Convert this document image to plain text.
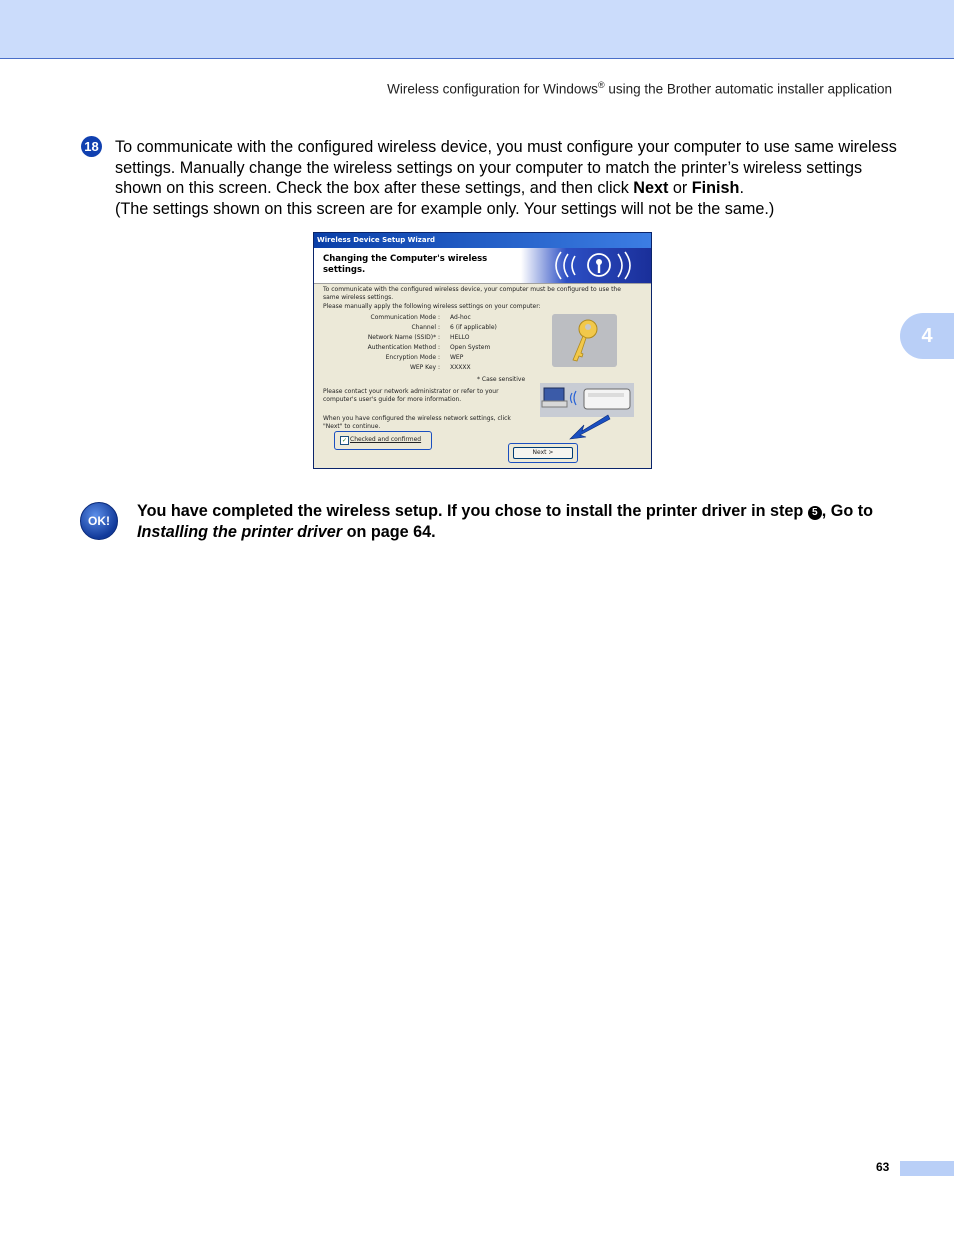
Wireless configuration for Windows® using the Brother automatic installer application
4
18 To communicate with the configured wireless device, you must configure your computer to use same wireless settings. Manually change the wireless settings on your computer to match the printer’s wireless settings shown on this screen. Check the box after these settings, and then click Next or Finish.

(The settings shown on this screen are for example only. Your settings will not be the same.)

Wireless Device Setup Wizard
Changing the Computer's wireless settings.
To communicate with the configured wireless device, your computer must be configured to use the
same wireless settings.
Please manually apply the following wireless settings on your computer:
Communication Mode : Ad-hoc
Channel : 6 (if applicable)
Network Name (SSID)* : HELLO
Authentication Method : Open System
Encryption Mode : WEP
WEP Key : XXXXX
* Case sensitive
Please contact your network administrator or refer to your
computer's user's guide for more information.
When you have configured the wireless network settings, click
"Next" to continue.
✓ Checked and confirmed
Next >
OK!
You have completed the wireless setup. If you chose to install the printer driver in step 5 , Go to Installing the printer driver on page 64.
63
